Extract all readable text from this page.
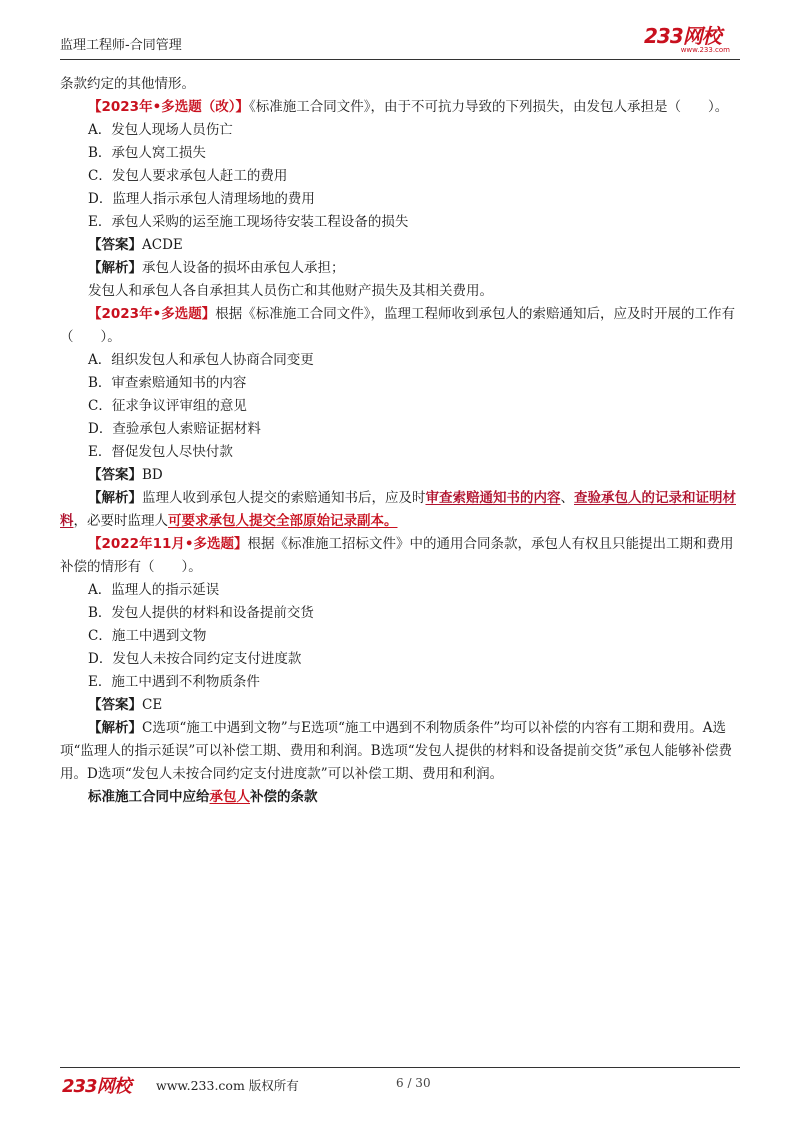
监理工程师-合同管理	233网校
www.233.com

条款约定的其他情形。

【2023年•多选题（改）】《标准施工合同文件》，由于不可抗力导致的下列损失，由发包人承担是（　　）。

A．发包人现场人员伤亡

B．承包人窝工损失

C．发包人要求承包人赶工的费用

D．监理人指示承包人清理场地的费用

E．承包人采购的运至施工现场待安装工程设备的损失

【答案】ACDE

【解析】承包人设备的损坏由承包人承担；

发包人和承包人各自承担其人员伤亡和其他财产损失及其相关费用。

【2023年•多选题】根据《标准施工合同文件》，监理工程师收到承包人的索赔通知后，应及时开展的工作有（　　）。

A．组织发包人和承包人协商合同变更

B．审查索赔通知书的内容

C．征求争议评审组的意见

D．查验承包人索赔证据材料

E．督促发包人尽快付款

【答案】BD

【解析】监理人收到承包人提交的索赔通知书后，应及时审查索赔通知书的内容、查验承包人的记录和证明材料，必要时监理人可要求承包人提交全部原始记录副本。

【2022年11月•多选题】根据《标准施工招标文件》中的通用合同条款，承包人有权且只能提出工期和费用补偿的情形有（　　）。

A．监理人的指示延误

B．发包人提供的材料和设备提前交货

C．施工中遇到文物

D．发包人未按合同约定支付进度款

E．施工中遇到不利物质条件

【答案】CE

【解析】C选项“施工中遇到文物”与E选项“施工中遇到不利物质条件”均可以补偿的内容有工期和费用。A选项“监理人的指示延误”可以补偿工期、费用和利润。B选项“发包人提供的材料和设备提前交货”承包人能够补偿费用。D选项“发包人未按合同约定支付进度款”可以补偿工期、费用和利润。

标准施工合同中应给承包人补偿的条款

233网校 www.233.com 版权所有	6 / 30
